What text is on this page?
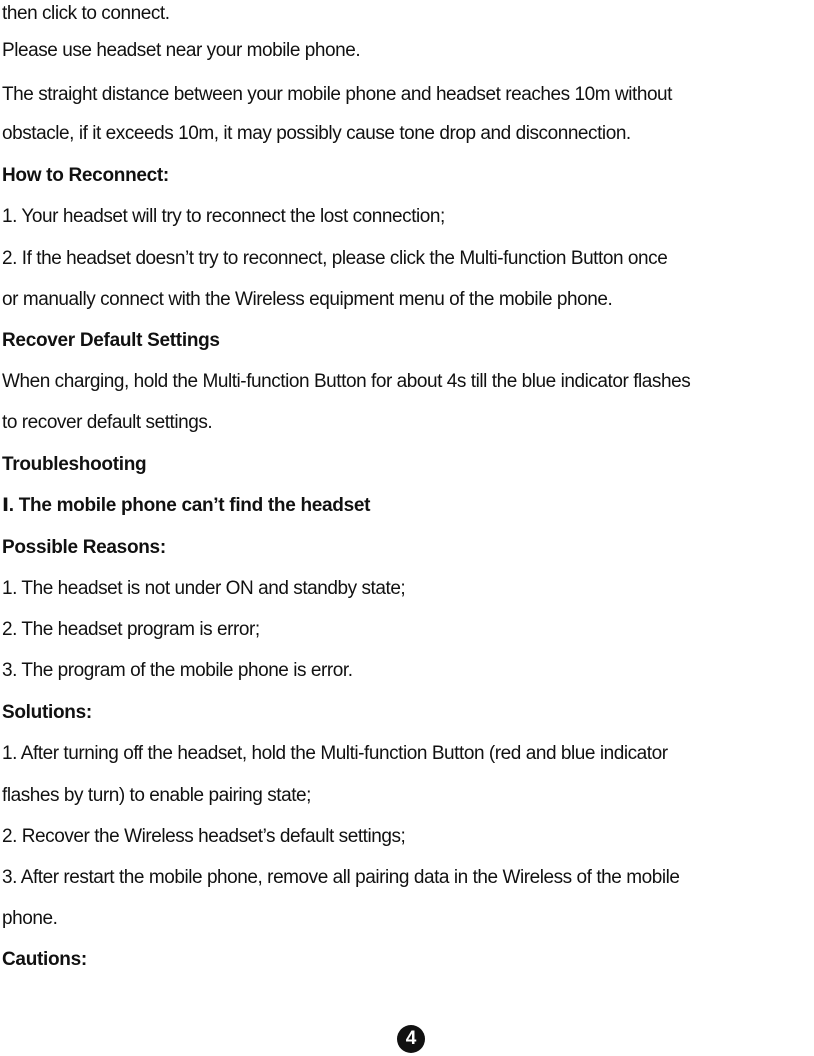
then click to connect.
Please use headset near your mobile phone.
The straight distance between your mobile phone and headset reaches 10m without
obstacle, if it exceeds 10m, it may possibly cause tone drop and disconnection.
How to Reconnect:
1. Your headset will try to reconnect the lost connection;
2. If the headset doesn’t try to reconnect, please click the Multi-function Button once
or manually connect with the Wireless equipment menu of the mobile phone.
Recover Default Settings
When charging, hold the Multi-function Button for about 4s till the blue indicator flashes
to recover default settings.
Troubleshooting
Ⅰ. The mobile phone can’t find the headset
Possible Reasons:
1. The headset is not under ON and standby state;
2. The headset program is error;
3. The program of the mobile phone is error.
Solutions:
1. After turning off the headset, hold the Multi-function Button (red and blue indicator
flashes by turn) to enable pairing state;
2. Recover the Wireless headset’s default settings;
3. After restart the mobile phone, remove all pairing data in the Wireless of the mobile
phone.
Cautions:
4
